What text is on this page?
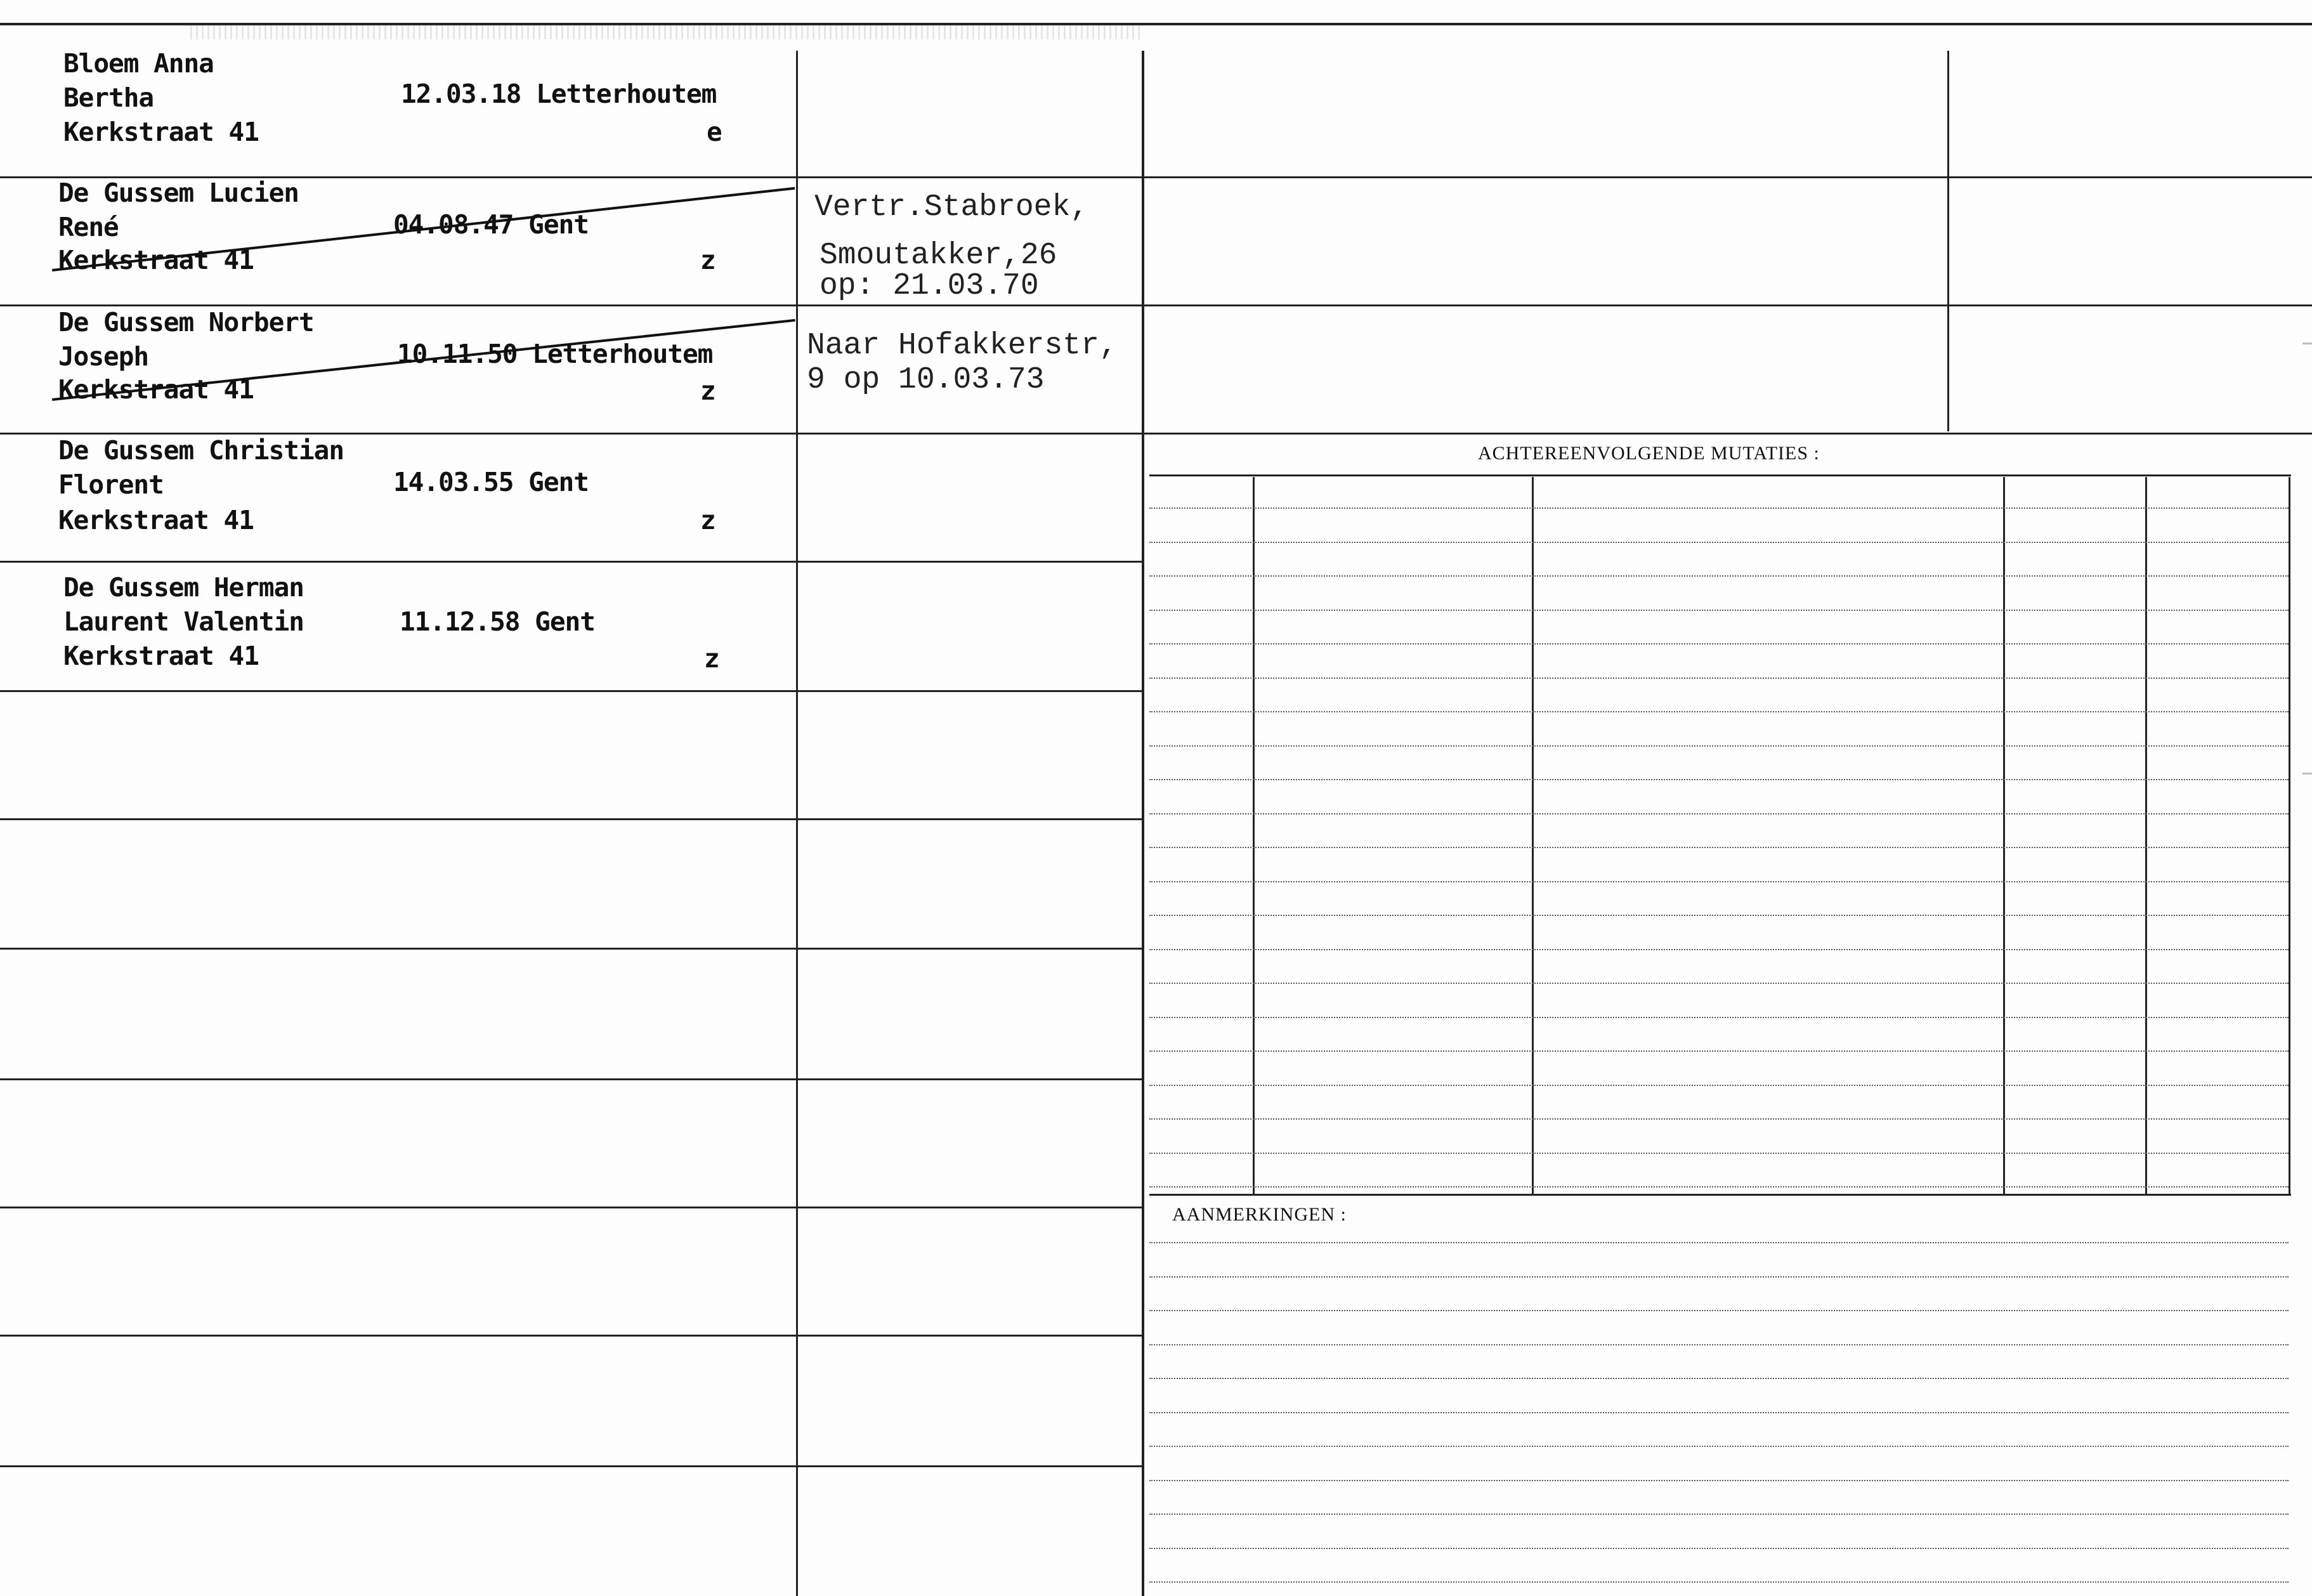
ACHTEREENVOLGENDE MUTATIES :
AANMERKINGEN :
Bloem Anna
Bertha
Kerkstraat 41
12.03.18 Letterhoutem
e
De Gussem Lucien
René
Kerkstraat 41
04.08.47 Gent
z
Vertr.Stabroek,
Smoutakker,26
op: 21.03.70
De Gussem Norbert
Joseph
Kerkstraat 41
10.11.50 Letterhoutem
z
Naar Hofakkerstr,
9 op 10.03.73
De Gussem Christian
Florent
Kerkstraat 41
14.03.55 Gent
z
De Gussem Herman
Laurent Valentin
Kerkstraat 41
11.12.58 Gent
z
